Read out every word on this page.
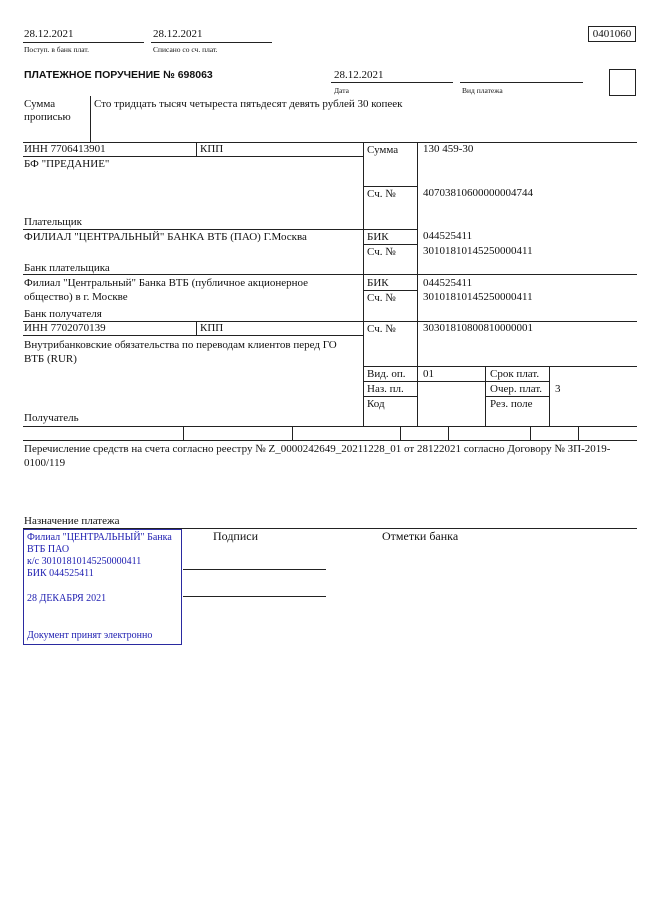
28.12.2021
Поступ. в банк плат.
28.12.2021
Списано со сч. плат.
0401060
ПЛАТЕЖНОЕ ПОРУЧЕНИЕ № 698063	28.12.2021
Дата	Вид платежа
Сумма
прописью
Сто тридцать тысяч четыреста пятьдесят девять рублей 30 копеек
ИНН 7706413901	КПП
БФ "ПРЕДАНИЕ"
Плательщик
Сумма 130 459-30
Сч. № 40703810600000004744
ФИЛИАЛ "ЦЕНТРАЛЬНЫЙ" БАНКА ВТБ (ПАО) Г.Москва
Банк плательщика
БИК	044525411
Сч. № 30101810145250000411
Филиал "Центральный" Банка ВТБ (публичное акционерное
общество) в г. Москве
Банк получателя
БИК	044525411
Сч. № 30101810145250000411
ИНН 7702070139	КПП	Сч. № 30301810800810000001
Внутрибанковские обязательства по переводам клиентов перед ГО
ВТБ (RUR)
Получатель
Вид. оп. 01
Наз. пл.
Код
Срок плат.
Очер. плат. 3
Рез. поле
Перечисление средств на счета согласно реестру № Z_0000242649_20211228_01 от 28122021 согласно Договору № ЗП-2019-
0100/119
Назначение платежа
Подписи	Отметки банка
Филиал "ЦЕНТРАЛЬНЫЙ" Банка
ВТБ ПАО
к/с 30101810145250000411
БИК 044525411
28 ДЕКАБРЯ 2021
Документ принят электронно
